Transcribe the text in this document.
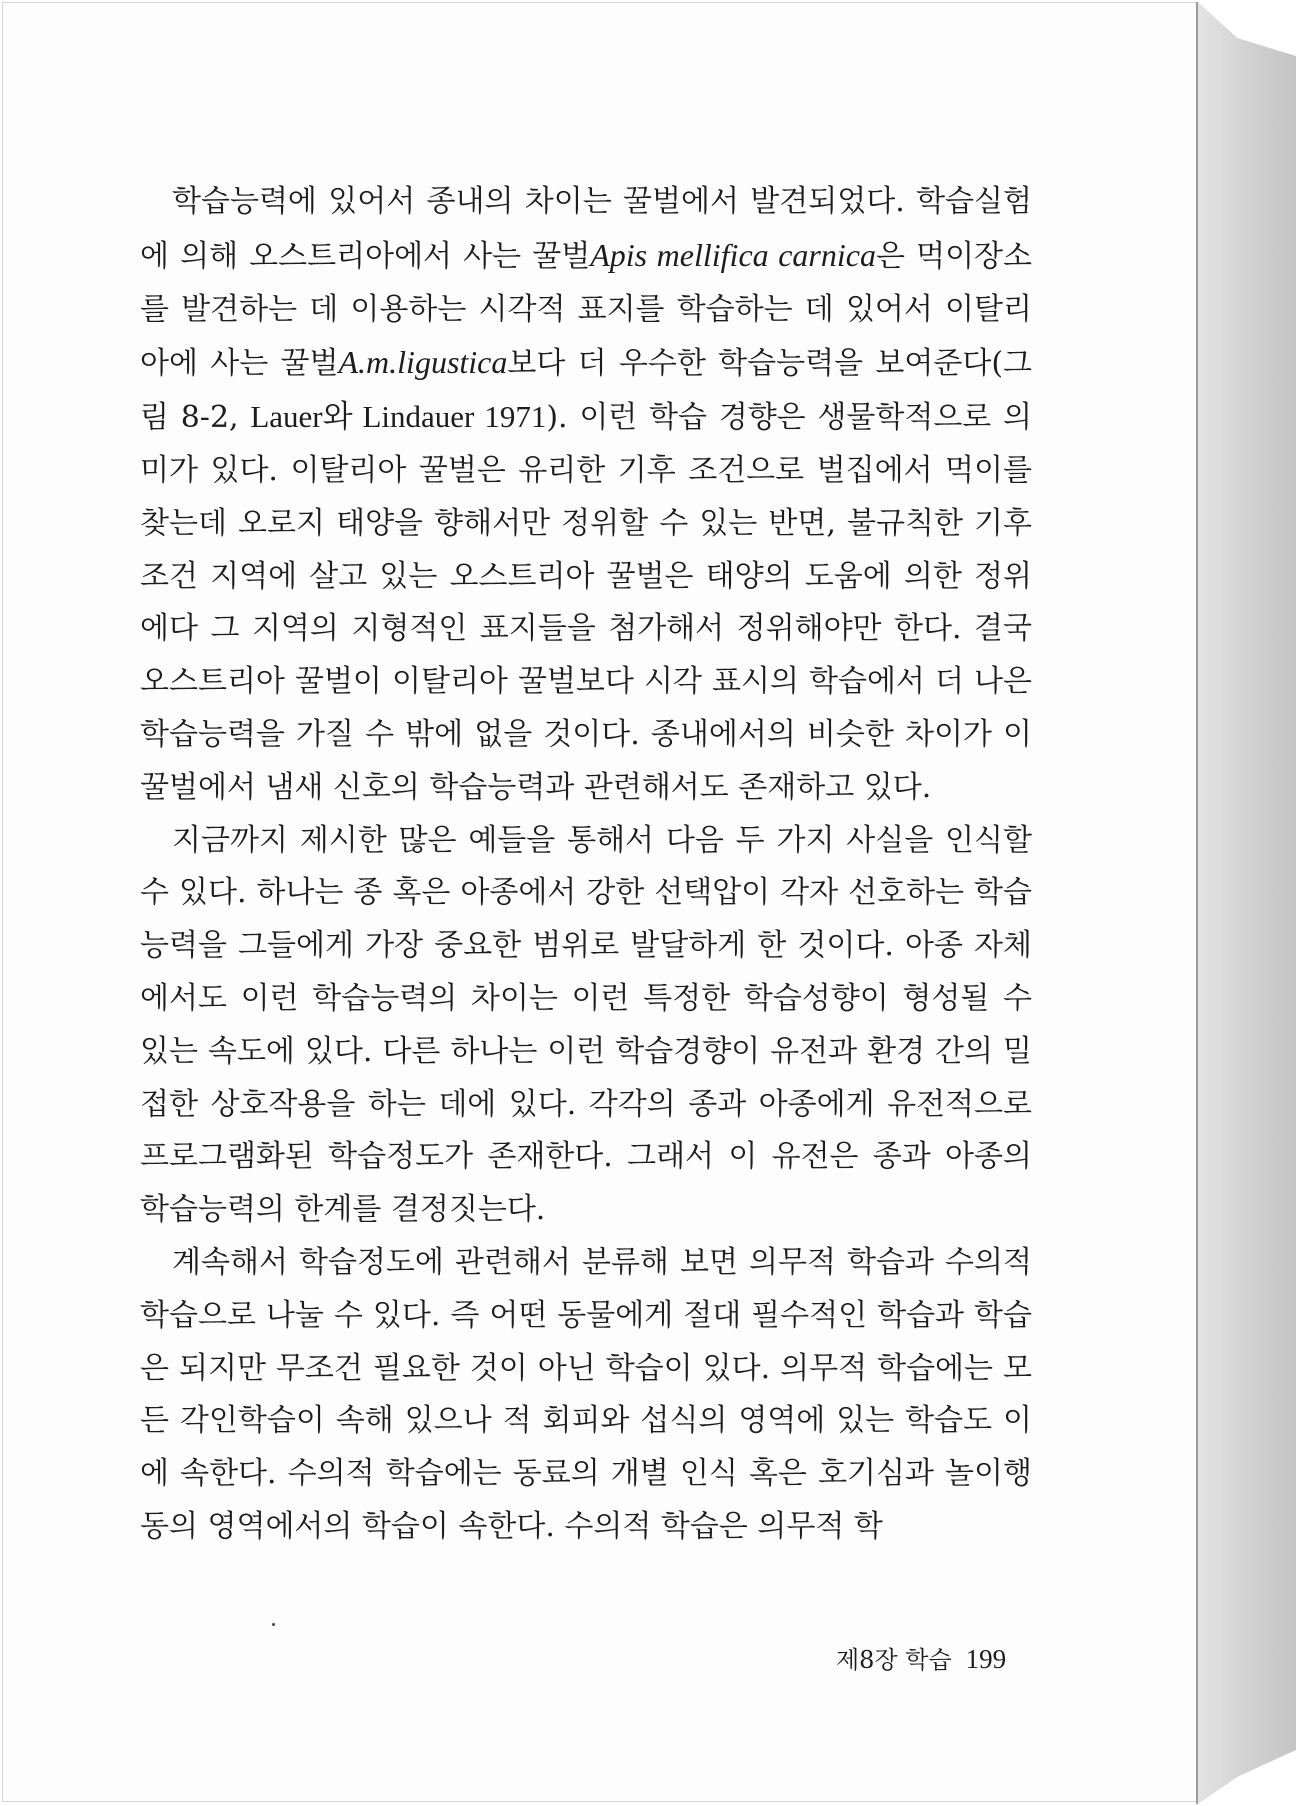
학습능력에 있어서 종내의 차이는 꿀벌에서 발견되었다. 학습실험에 의해 오스트리아에서 사는 꿀벌Apis mellifica carnica은 먹이장소를 발견하는 데 이용하는 시각적 표지를 학습하는 데 있어서 이탈리아에 사는 꿀벌A.m.ligustica보다 더 우수한 학습능력을 보여준다(그림 8-2, Lauer와 Lindauer 1971). 이런 학습 경향은 생물학적으로 의미가 있다. 이탈리아 꿀벌은 유리한 기후 조건으로 벌집에서 먹이를 찾는데 오로지 태양을 향해서만 정위할 수 있는 반면, 불규칙한 기후 조건 지역에 살고 있는 오스트리아 꿀벌은 태양의 도움에 의한 정위에다 그 지역의 지형적인 표지들을 첨가해서 정위해야만 한다. 결국 오스트리아 꿀벌이 이탈리아 꿀벌보다 시각 표시의 학습에서 더 나은 학습능력을 가질 수 밖에 없을 것이다. 종내에서의 비슷한 차이가 이 꿀벌에서 냄새 신호의 학습능력과 관련해서도 존재하고 있다.

지금까지 제시한 많은 예들을 통해서 다음 두 가지 사실을 인식할 수 있다. 하나는 종 혹은 아종에서 강한 선택압이 각자 선호하는 학습능력을 그들에게 가장 중요한 범위로 발달하게 한 것이다. 아종 자체에서도 이런 학습능력의 차이는 이런 특정한 학습성향이 형성될 수 있는 속도에 있다. 다른 하나는 이런 학습경향이 유전과 환경 간의 밀접한 상호작용을 하는 데에 있다. 각각의 종과 아종에게 유전적으로 프로그램화된 학습정도가 존재한다. 그래서 이 유전은 종과 아종의 학습능력의 한계를 결정짓는다.

계속해서 학습정도에 관련해서 분류해 보면 의무적 학습과 수의적 학습으로 나눌 수 있다. 즉 어떤 동물에게 절대 필수적인 학습과 학습은 되지만 무조건 필요한 것이 아닌 학습이 있다. 의무적 학습에는 모든 각인학습이 속해 있으나 적 회피와 섭식의 영역에 있는 학습도 이에 속한다. 수의적 학습에는 동료의 개별 인식 혹은 호기심과 놀이행동의 영역에서의 학습이 속한다. 수의적 학습은 의무적 학

제8장 학습 199
